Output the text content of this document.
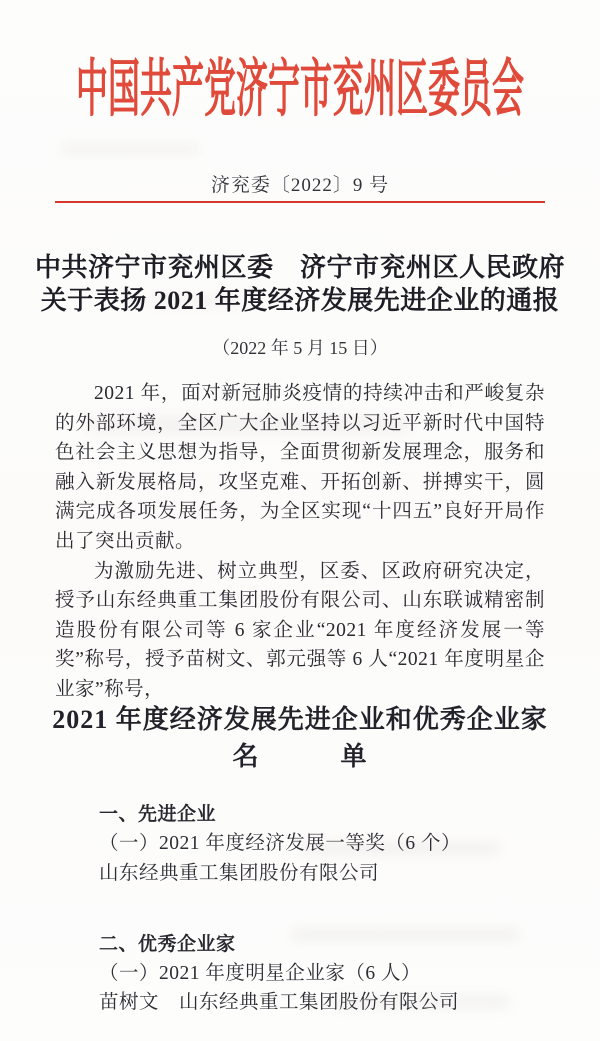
中国共产党济宁市兖州区委员会
济兖委〔2022〕9 号
中共济宁市兖州区委　济宁市兖州区人民政府
关于表扬 2021 年度经济发展先进企业的通报
（2022 年 5 月 15 日）

2021 年，面对新冠肺炎疫情的持续冲击和严峻复杂的外部环境，全区广大企业坚持以习近平新时代中国特色社会主义思想为指导，全面贯彻新发展理念，服务和融入新发展格局，攻坚克难、开拓创新、拼搏实干，圆满完成各项发展任务，为全区实现“十四五”良好开局作出了突出贡献。

为激励先进、树立典型，区委、区政府研究决定，授予山东经典重工集团股份有限公司、山东联诚精密制造股份有限公司等 6 家企业“2021 年度经济发展一等奖”称号，授予苗树文、郭元强等 6 人“2021 年度明星企业家”称号，

2021 年度经济发展先进企业和优秀企业家
名　　　单
一、先进企业
（一）2021 年度经济发展一等奖（6 个）
山东经典重工集团股份有限公司
二、优秀企业家
（一）2021 年度明星企业家（6 人）
苗树文　山东经典重工集团股份有限公司
